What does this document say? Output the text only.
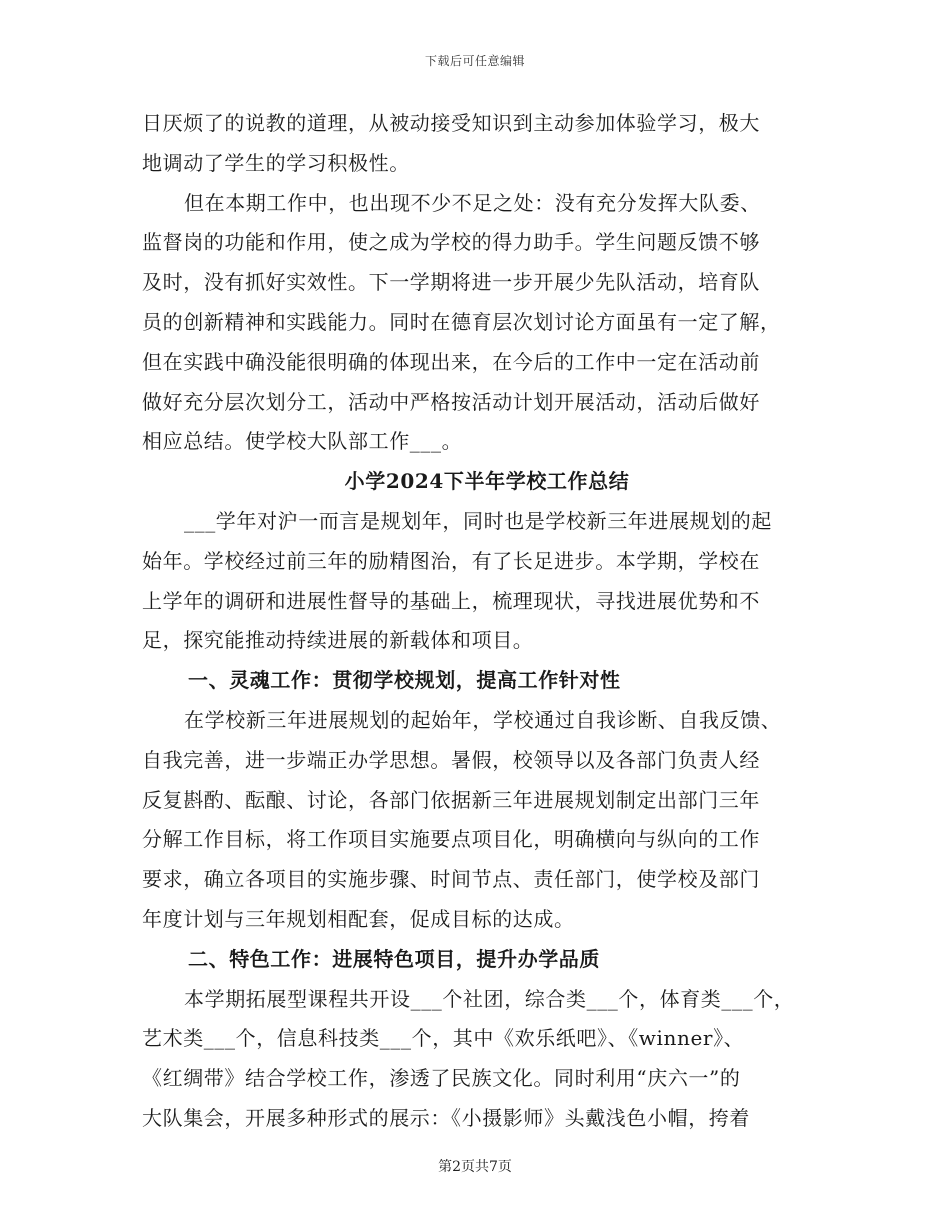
下载后可任意编辑
日厌烦了的说教的道理，从被动接受知识到主动参加体验学习，极大
地调动了学生的学习积极性。
但在本期工作中，也出现不少不足之处：没有充分发挥大队委、
监督岗的功能和作用，使之成为学校的得力助手。学生问题反馈不够
及时，没有抓好实效性。下一学期将进一步开展少先队活动，培育队
员的创新精神和实践能力。同时在德育层次划讨论方面虽有一定了解，
但在实践中确没能很明确的体现出来，在今后的工作中一定在活动前
做好充分层次划分工，活动中严格按活动计划开展活动，活动后做好
相应总结。使学校大队部工作___。
小学2024下半年学校工作总结
___学年对沪一而言是规划年，同时也是学校新三年进展规划的起
始年。学校经过前三年的励精图治，有了长足进步。本学期，学校在
上学年的调研和进展性督导的基础上，梳理现状，寻找进展优势和不
足，探究能推动持续进展的新载体和项目。
一、灵魂工作：贯彻学校规划，提高工作针对性
在学校新三年进展规划的起始年，学校通过自我诊断、自我反馈、
自我完善，进一步端正办学思想。暑假，校领导以及各部门负责人经
反复斟酌、酝酿、讨论，各部门依据新三年进展规划制定出部门三年
分解工作目标，将工作项目实施要点项目化，明确横向与纵向的工作
要求，确立各项目的实施步骤、时间节点、责任部门，使学校及部门
年度计划与三年规划相配套，促成目标的达成。
二、特色工作：进展特色项目，提升办学品质
本学期拓展型课程共开设___个社团，综合类___个，体育类___个，
艺术类___个，信息科技类___个，其中《欢乐纸吧》、《winner》、
《红绸带》结合学校工作，渗透了民族文化。同时利用“庆六一”的
大队集会，开展多种形式的展示：《小摄影师》头戴浅色小帽，挎着
第2页共7页
